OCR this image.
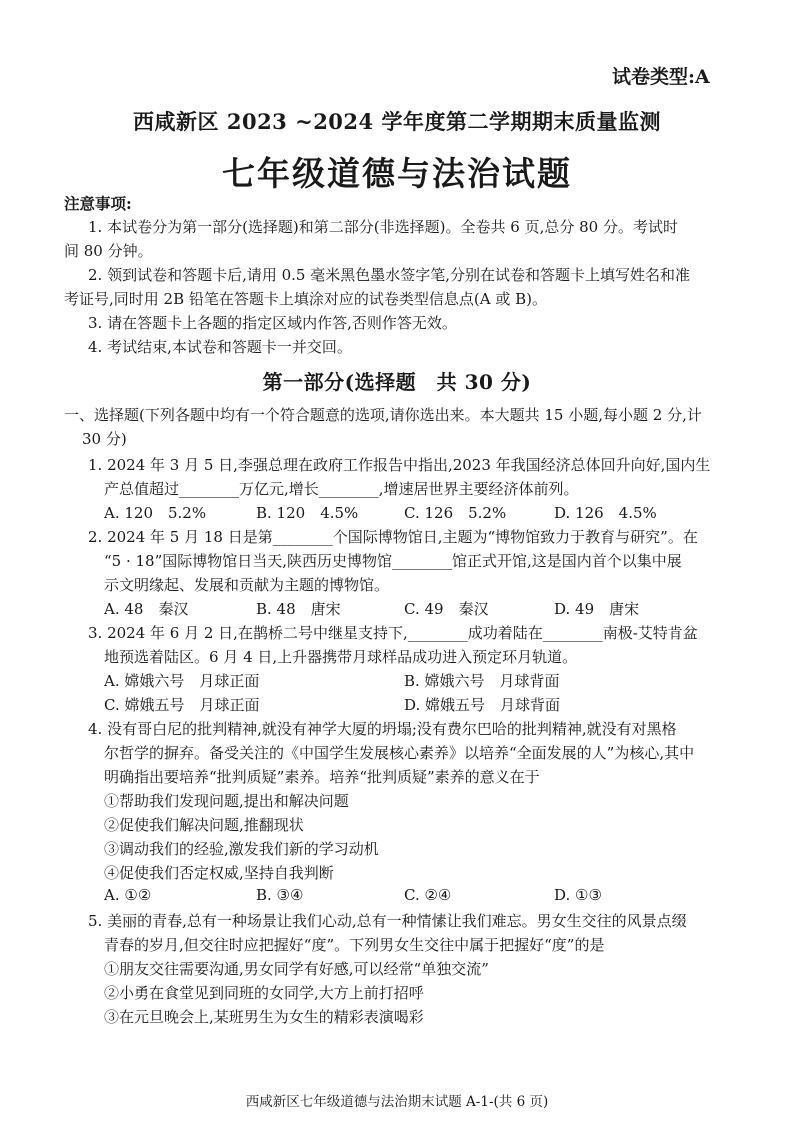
试卷类型:A
西咸新区 2023 ~2024 学年度第二学期期末质量监测
七年级道德与法治试题
注意事项:
1. 本试卷分为第一部分(选择题)和第二部分(非选择题)。全卷共 6 页,总分 80 分。考试时
间 80 分钟。
2. 领到试卷和答题卡后,请用 0.5 毫米黑色墨水签字笔,分别在试卷和答题卡上填写姓名和准
考证号,同时用 2B 铅笔在答题卡上填涂对应的试卷类型信息点(A 或 B)。
3. 请在答题卡上各题的指定区域内作答,否则作答无效。
4. 考试结束,本试卷和答题卡一并交回。
第一部分(选择题　共 30 分)
一、选择题(下列各题中均有一个符合题意的选项,请你选出来。本大题共 15 小题,每小题 2 分,计
30 分)
1. 2024 年 3 月 5 日,李强总理在政府工作报告中指出,2023 年我国经济总体回升向好,国内生
产总值超过________万亿元,增长________,增速居世界主要经济体前列。
A. 120　5.2%	B. 120　4.5%	C. 126　5.2%	D. 126　4.5%
2. 2024 年 5 月 18 日是第________个国际博物馆日,主题为“博物馆致力于教育与研究”。在
“5 · 18”国际博物馆日当天,陕西历史博物馆________馆正式开馆,这是国内首个以集中展
示文明缘起、发展和贡献为主题的博物馆。
A. 48　秦汉	B. 48　唐宋	C. 49　秦汉	D. 49　唐宋
3. 2024 年 6 月 2 日,在鹊桥二号中继星支持下,________成功着陆在________南极-艾特肯盆
地预选着陆区。6 月 4 日,上升器携带月球样品成功进入预定环月轨道。
A. 嫦娥六号　月球正面	B. 嫦娥六号　月球背面
C. 嫦娥五号　月球正面	D. 嫦娥五号　月球背面
4. 没有哥白尼的批判精神,就没有神学大厦的坍塌;没有费尔巴哈的批判精神,就没有对黑格
尔哲学的摒弃。备受关注的《中国学生发展核心素养》以培养“全面发展的人”为核心,其中
明确指出要培养“批判质疑”素养。培养“批判质疑”素养的意义在于
①帮助我们发现问题,提出和解决问题
②促使我们解决问题,推翻现状
③调动我们的经验,激发我们新的学习动机
④促使我们否定权威,坚持自我判断
A. ①②	B. ③④	C. ②④	D. ①③
5. 美丽的青春,总有一种场景让我们心动,总有一种情愫让我们难忘。男女生交往的风景点缀
青春的岁月,但交往时应把握好“度”。下列男女生交往中属于把握好“度”的是
①朋友交往需要沟通,男女同学有好感,可以经常“单独交流”
②小勇在食堂见到同班的女同学,大方上前打招呼
③在元旦晚会上,某班男生为女生的精彩表演喝彩
西咸新区七年级道德与法治期末试题 A-1-(共 6 页)
